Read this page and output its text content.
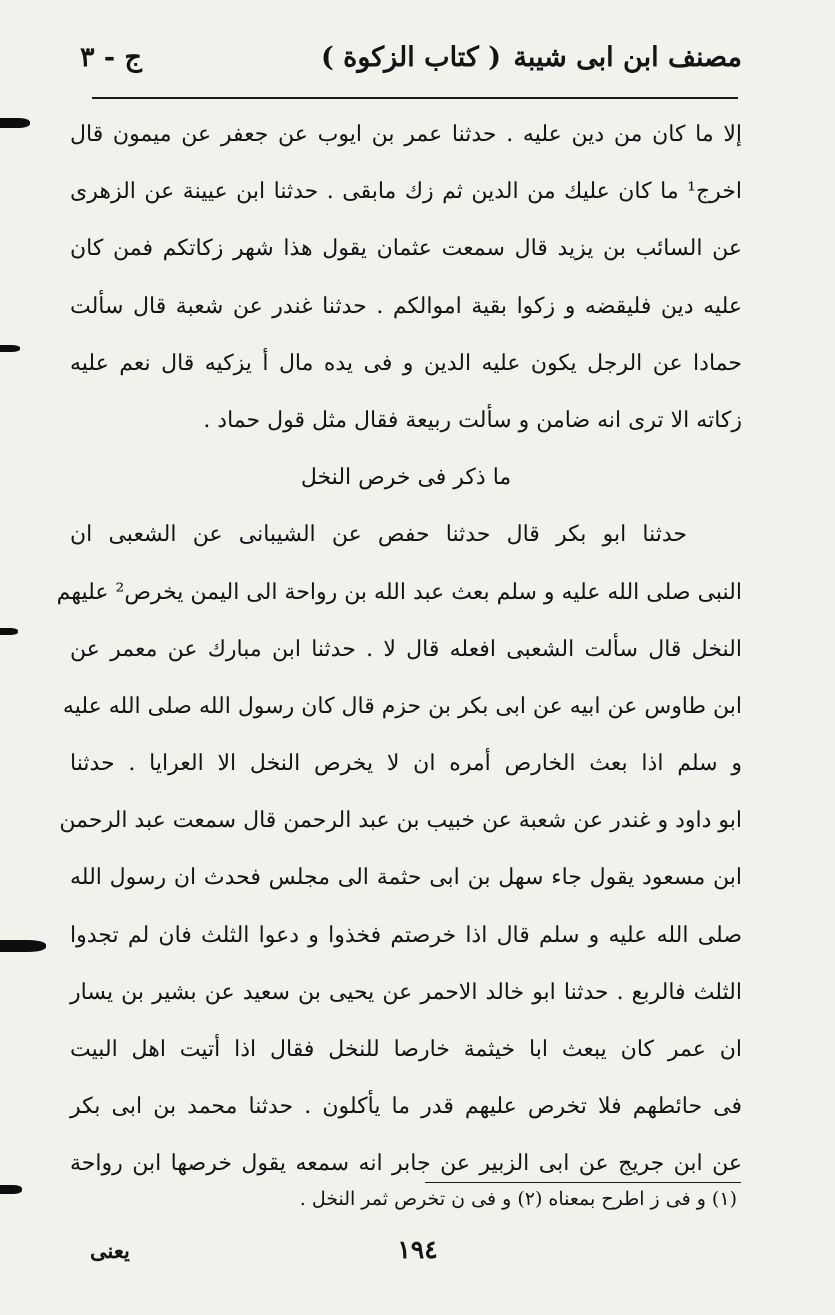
مصنف ابن ابی شیبة
( كتاب الزكوة )
ج - ٣
إلا ما كان من دين عليه . حدثنا عمر بن ايوب عن جعفر عن ميمون قال
اخرج¹ ما كان عليك من الدين ثم زك مابقى . حدثنا ابن عيينة عن الزهرى
عن السائب بن يزيد قال سمعت عثمان يقول هذا شهر زكاتكم فمن كان
عليه دين فليقضه و زكوا بقية اموالكم . حدثنا غندر عن شعبة قال سألت
حمادا عن الرجل يكون عليه الدين و فى يده مال أ يزكيه قال نعم عليه
زكاته الا ترى انه ضامن و سألت ربيعة فقال مثل قول حماد .
ما ذكر فى خرص النخل
حدثنا ابو بكر قال حدثنا حفص عن الشيبانى عن الشعبى ان
النبى صلى الله عليه و سلم بعث عبد الله بن رواحة الى اليمن يخرص² عليهم
النخل قال سألت الشعبى افعله قال لا . حدثنا ابن مبارك عن معمر عن
ابن طاوس عن ابيه عن ابى بكر بن حزم قال كان رسول الله صلى الله عليه
و سلم اذا بعث الخارص أمره ان لا يخرص النخل الا العرايا . حدثنا
ابو داود و غندر عن شعبة عن خبيب بن عبد الرحمن قال سمعت عبد الرحمن
ابن مسعود يقول جاء سهل بن ابى حثمة الى مجلس فحدث ان رسول الله
صلى الله عليه و سلم قال اذا خرصتم فخذوا و دعوا الثلث فان لم تجدوا
الثلث فالربع . حدثنا ابو خالد الاحمر عن يحيى بن سعيد عن بشير بن يسار
ان عمر كان يبعث ابا خيثمة خارصا للنخل فقال اذا أتيت اهل البيت
فى حائطهم فلا تخرص عليهم قدر ما يأكلون . حدثنا محمد بن ابى بكر
عن ابن جريج عن ابى الزبير عن جابر انه سمعه يقول خرصها ابن رواحة
(١) و فى ز اطرح بمعناه (٢) و فى ن تخرص ثمر النخل .
١٩٤
يعنى
